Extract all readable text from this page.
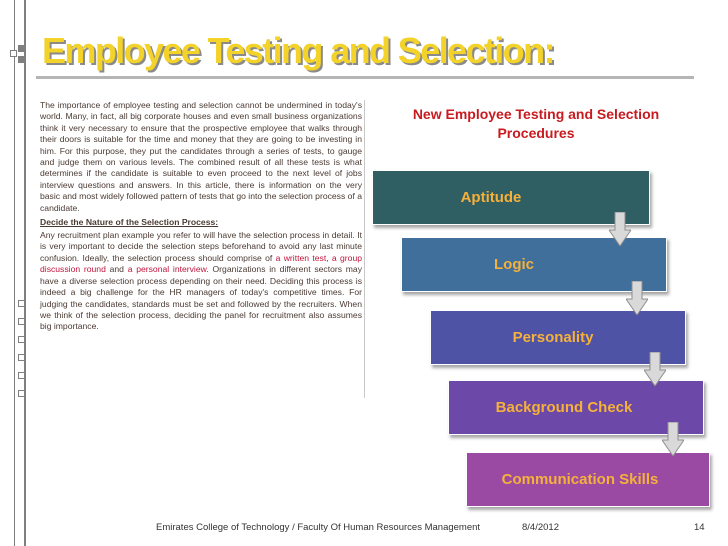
Employee Testing and Selection:

The importance of employee testing and selection cannot be undermined in today's world. Many, in fact, all big corporate houses and even small business organizations think it very necessary to ensure that the prospective employee that walks through their doors is suitable for the time and money that they are going to be investing in him. For this purpose, they put the candidates through a series of tests, to gauge and judge them on various levels. The combined result of all these tests is what determines if the candidate is suitable to even proceed to the next level of jobs interview questions and answers. In this article, there is information on the very basic and most widely followed pattern of tests that go into the selection process of a candidate.

Decide the Nature of the Selection Process:

Any recruitment plan example you refer to will have the selection process in detail. It is very important to decide the selection steps beforehand to avoid any last minute confusion. Ideally, the selection process should comprise of a written test, a group discussion round and a personal interview. Organizations in different sectors may have a diverse selection process depending on their need. Deciding this process is indeed a big challenge for the HR managers of today's competitive times. For judging the candidates, standards must be set and followed by the recruiters. When we think of the selection process, deciding the panel for recruitment also assumes big importance.

New Employee Testing and Selection Procedures
Aptitude
Logic
Personality
Background Check
Communication Skills
Emirates College of Technology / Faculty Of Human Resources Management	8/4/2012	14
